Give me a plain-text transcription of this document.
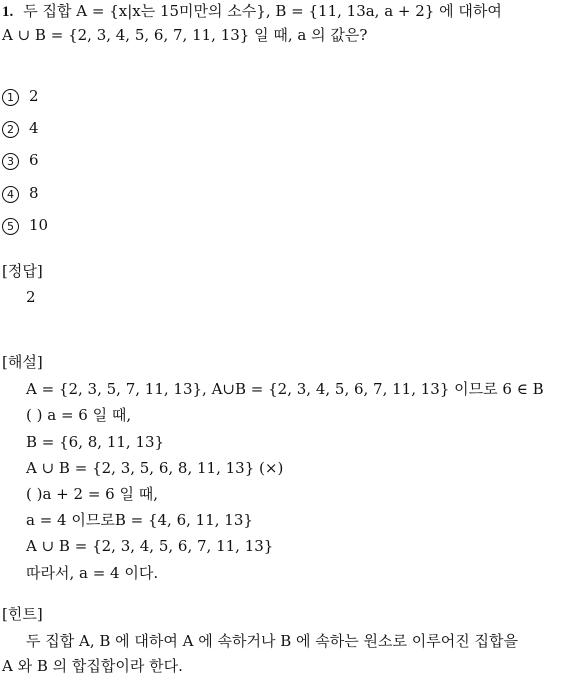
1. 두 집합 A = {x|x는 15미만의 소수}, B = {11, 13a, a + 2} 에 대하여
A ∪ B = {2, 3, 4, 5, 6, 7, 11, 13} 일 때, a 의 값은?
1 2
2 4
3 6
4 8
5 10
[정답]
2
[해설]
A = {2, 3, 5, 7, 11, 13}, A∪B = {2, 3, 4, 5, 6, 7, 11, 13} 이므로 6 ∈ B
( ) a = 6 일 때,
B = {6, 8, 11, 13}
A ∪ B = {2, 3, 5, 6, 8, 11, 13} (×)
( )a + 2 = 6 일 때,
a = 4 이므로B = {4, 6, 11, 13}
A ∪ B = {2, 3, 4, 5, 6, 7, 11, 13}
따라서, a = 4 이다.
[힌트]
두 집합 A, B 에 대하여 A 에 속하거나 B 에 속하는 원소로 이루어진 집합을
A 와 B 의 합집합이라 한다.
